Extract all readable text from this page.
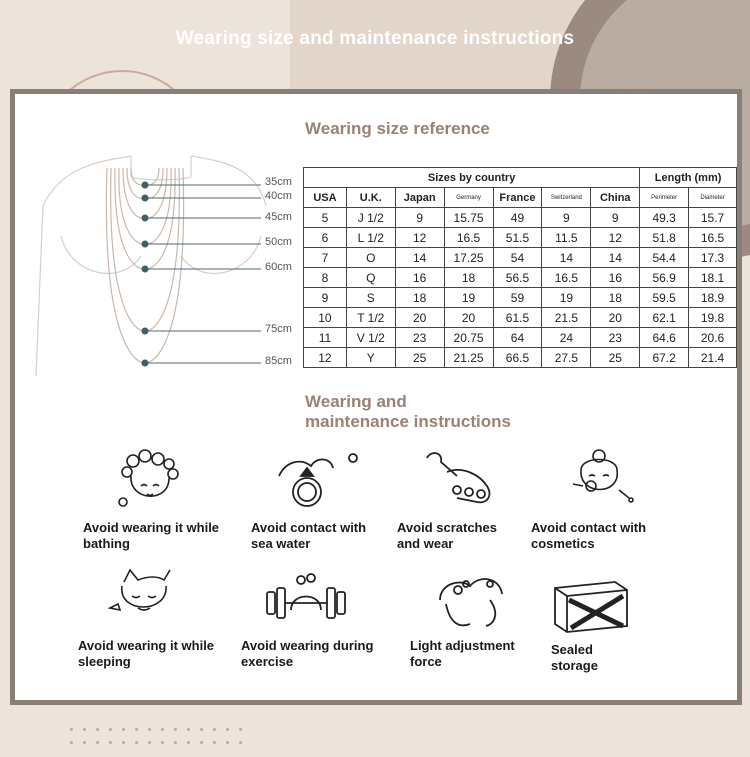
Wearing size and maintenance instructions
35cm
40cm
45cm
50cm
60cm
75cm
85cm
Wearing size reference
Sizes by country							Length (mm)	
USA	U.K.	Japan	Germany	France	Switzerland	China	Perimeter	Diameter
5	J 1/2	9	15.75	49	9	9	49.3	15.7
6	L 1/2	12	16.5	51.5	11.5	12	51.8	16.5
7	O	14	17.25	54	14	14	54.4	17.3
8	Q	16	18	56.5	16.5	16	56.9	18.1
9	S	18	19	59	19	18	59.5	18.9
10	T 1/2	20	20	61.5	21.5	20	62.1	19.8
11	V 1/2	23	20.75	64	24	23	64.6	20.6
12	Y	25	21.25	66.5	27.5	25	67.2	21.4
Wearing and
maintenance instructions
Avoid wearing it while
bathing
Avoid contact with
sea water
Avoid scratches
and wear
Avoid contact with
cosmetics
Avoid wearing it while
sleeping
Avoid wearing during
exercise
Light adjustment
force
Sealed
storage
